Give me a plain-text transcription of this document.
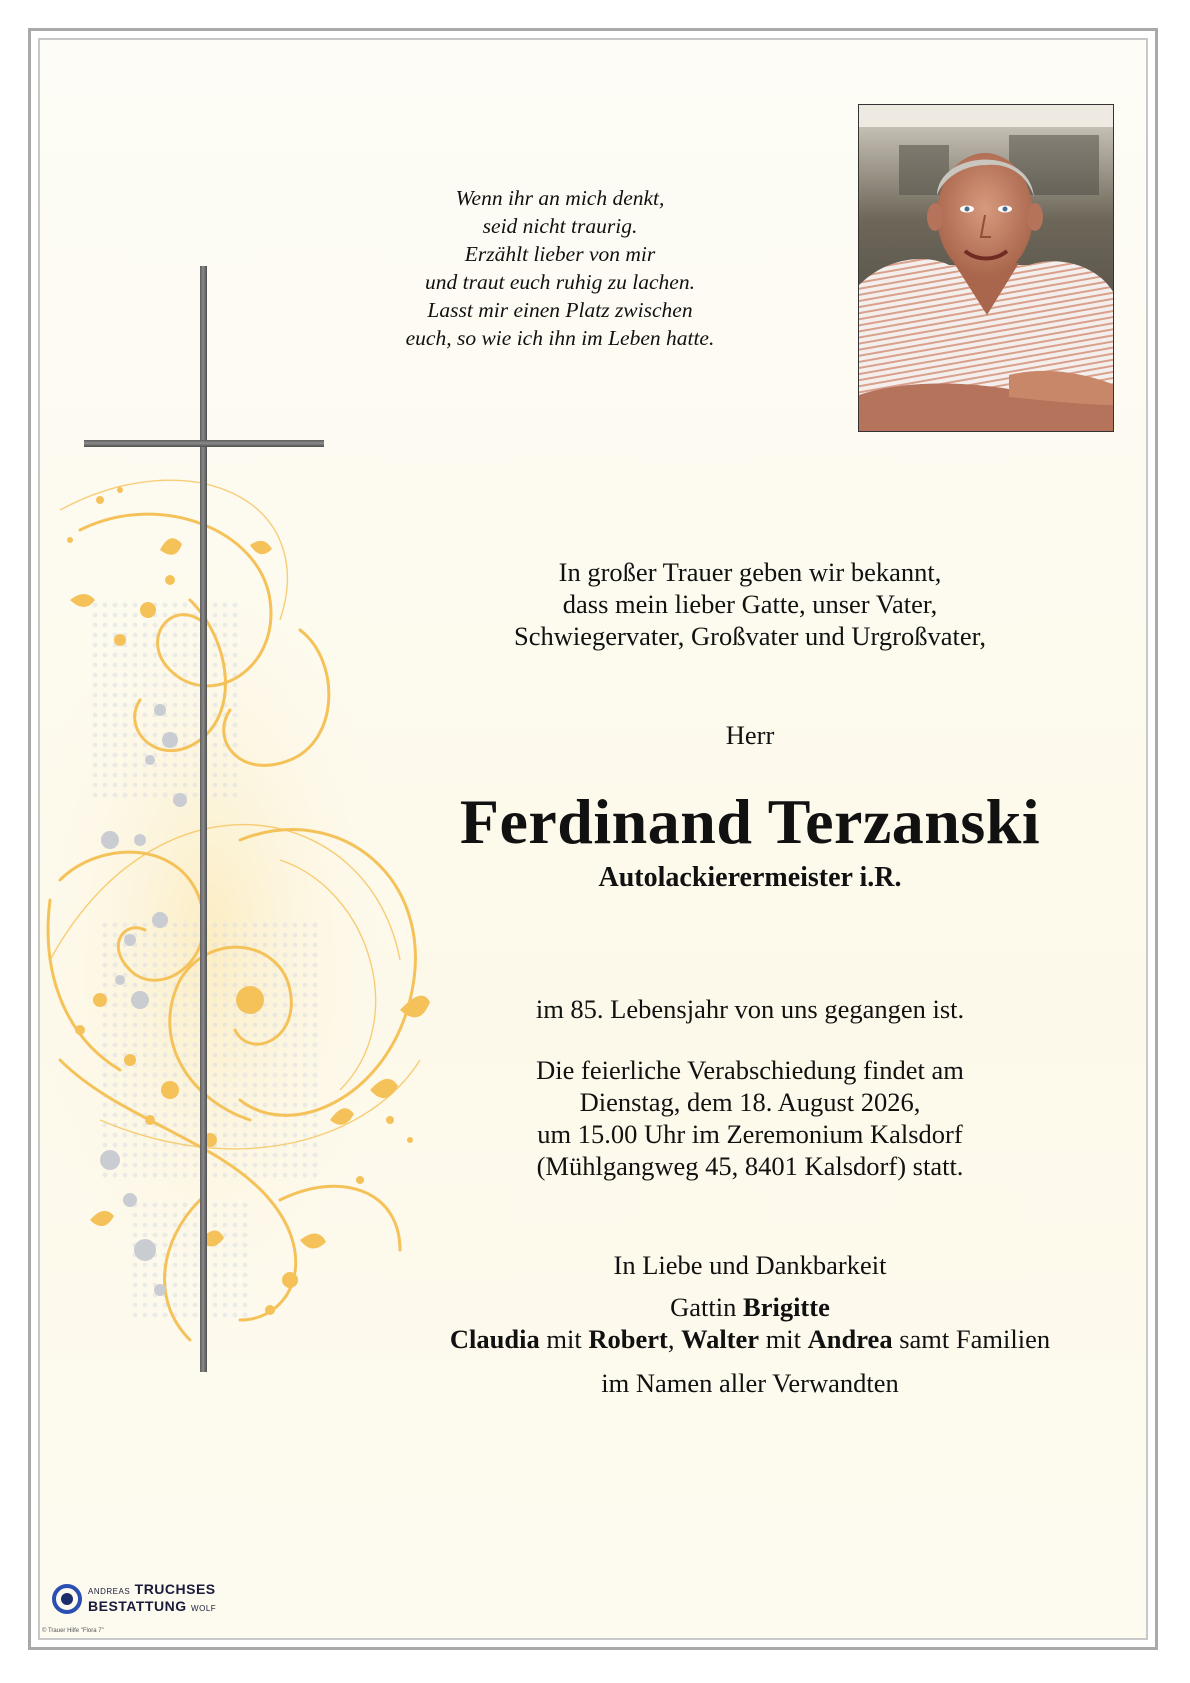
Wenn ihr an mich denkt,
seid nicht traurig.
Erzählt lieber von mir
und traut euch ruhig zu lachen.
Lasst mir einen Platz zwischen
euch, so wie ich ihn im Leben hatte.
In großer Trauer geben wir bekannt,
dass mein lieber Gatte, unser Vater,
Schwiegervater, Großvater und Urgroßvater,
Herr
Ferdinand Terzanski
Autolackierermeister i.R.
im 85. Lebensjahr von uns gegangen ist.
Die feierliche Verabschiedung findet am
Dienstag, dem 18. August 2026,
um 15.00 Uhr im Zeremonium Kalsdorf
(Mühlgangweg 45, 8401 Kalsdorf) statt.
In Liebe und Dankbarkeit
Gattin Brigitte
Claudia mit Robert, Walter mit Andrea samt Familien
im Namen aller Verwandten
ANDREAS TRUCHSES
BESTATTUNG WOLF
© Trauer Hilfe "Flora 7"
